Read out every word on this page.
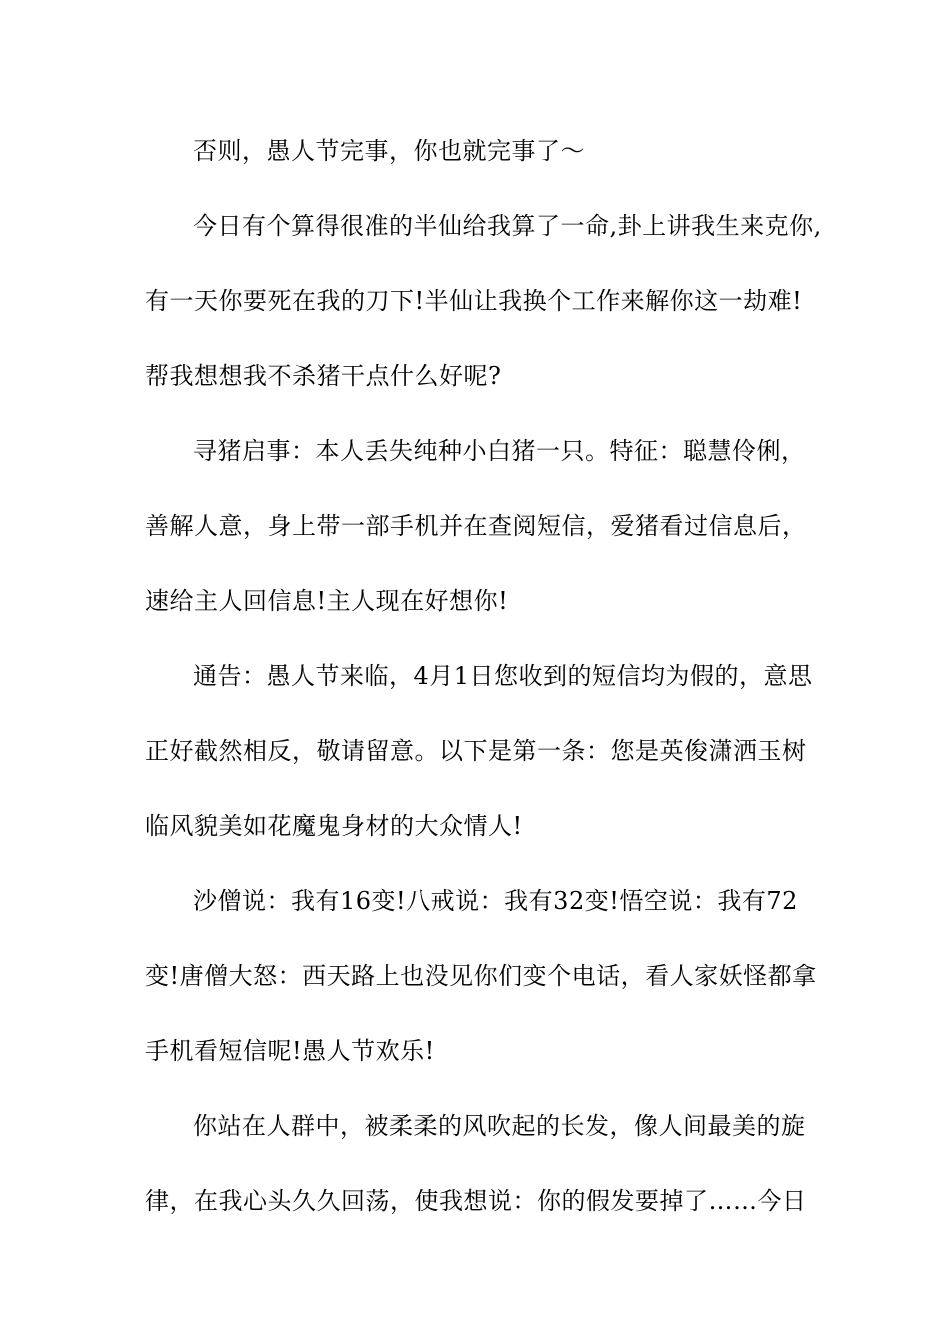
否则，愚人节完事，你也就完事了～
今日有个算得很准的半仙给我算了一命,卦上讲我生来克你,
有一天你要死在我的刀下!半仙让我换个工作来解你这一劫难!
帮我想想我不杀猪干点什么好呢?
寻猪启事：本人丢失纯种小白猪一只。特征：聪慧伶俐，
善解人意，身上带一部手机并在查阅短信，爱猪看过信息后，
速给主人回信息!主人现在好想你!
通告：愚人节来临，4月1日您收到的短信均为假的，意思
正好截然相反，敬请留意。以下是第一条：您是英俊潇洒玉树
临风貌美如花魔鬼身材的大众情人!
沙僧说：我有16变!八戒说：我有32变!悟空说：我有72
变!唐僧大怒：西天路上也没见你们变个电话，看人家妖怪都拿
手机看短信呢!愚人节欢乐!
你站在人群中，被柔柔的风吹起的长发，像人间最美的旋
律，在我心头久久回荡，使我想说：你的假发要掉了……今日
